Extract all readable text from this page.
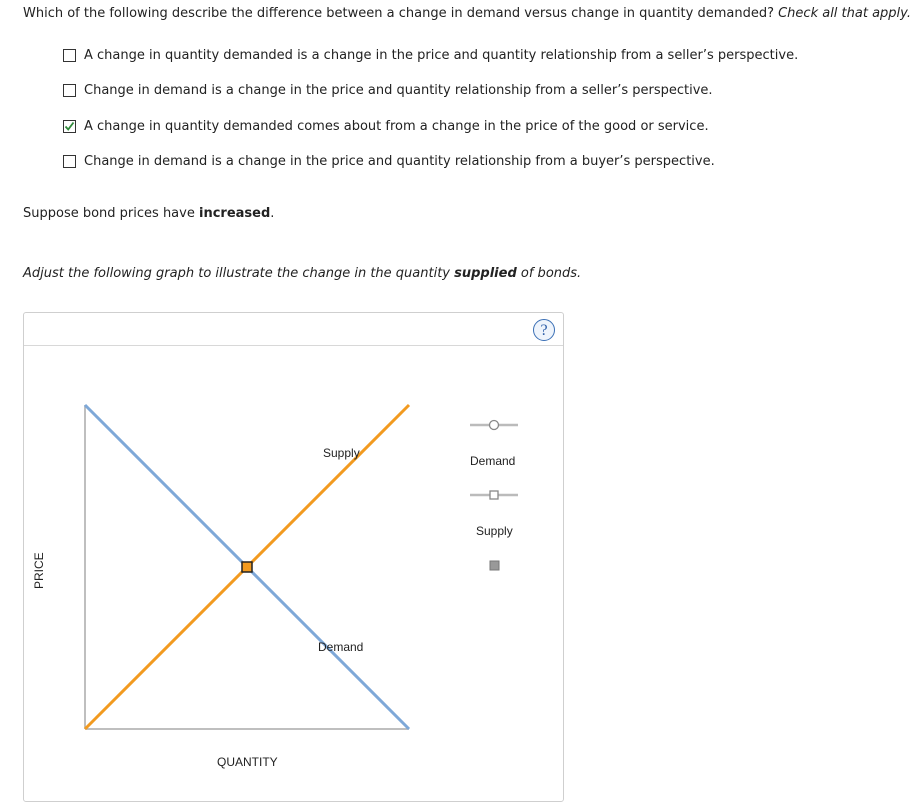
Which of the following describe the difference between a change in demand versus change in quantity demanded? Check all that apply.
A change in quantity demanded is a change in the price and quantity relationship from a seller’s perspective.
Change in demand is a change in the price and quantity relationship from a seller’s perspective.
A change in quantity demanded comes about from a change in the price of the good or service.
Change in demand is a change in the price and quantity relationship from a buyer’s perspective.
Suppose bond prices have increased.
Adjust the following graph to illustrate the change in the quantity supplied of bonds.
?
Supply
Demand
QUANTITY
PRICE
Demand
Supply
